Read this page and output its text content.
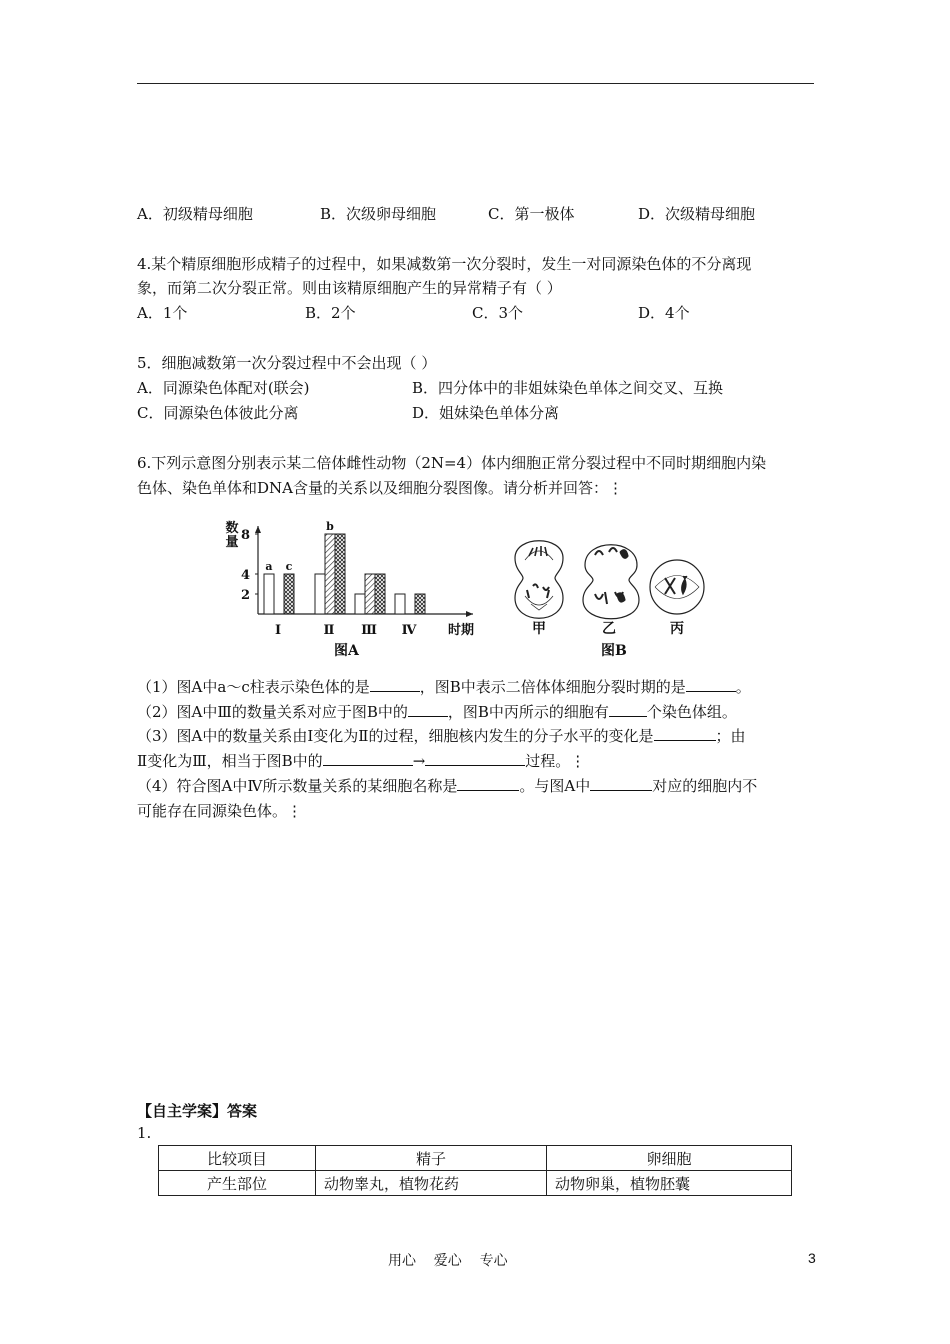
A．初级精母细胞	B．次级卵母细胞	C．第一极体	D．次级精母细胞
4.某个精原细胞形成精子的过程中，如果减数第一次分裂时，发生一对同源染色体的不分离现
象，而第二次分裂正常。则由该精原细胞产生的异常精子有（ ）
A．1个	B．2个	C．3个	D．4个
5．细胞减数第一次分裂过程中不会出现（ ）
A．同源染色体配对(联会)	B．四分体中的非姐妹染色单体之间交叉、互换
C．同源染色体彼此分离	D．姐妹染色单体分离
6.下列示意图分别表示某二倍体雌性动物（2N=4）体内细胞正常分裂过程中不同时期细胞内染
色体、染色单体和DNA含量的关系以及细胞分裂图像。请分析并回答：⋮
数
量
2
4
8
a c
Ⅰ
b
Ⅱ Ⅲ Ⅳ 时期
图A
甲	乙	丙
图B
（1）图A中a～c柱表示染色体的是	，图B中表示二倍体体细胞分裂时期的是	。
（2）图A中Ⅲ的数量关系对应于图B中的	，图B中丙所示的细胞有	个染色体组。
（3）图A中的数量关系由Ⅰ变化为Ⅱ的过程，细胞核内发生的分子水平的变化是	；由
Ⅱ变化为Ⅲ，相当于图B中的	→	过程。⋮
（4）符合图A中Ⅳ所示数量关系的某细胞名称是	。与图A中	对应的细胞内不
可能存在同源染色体。⋮
【自主学案】答案
1.
比较项目	精子	卵细胞
产生部位	动物睾丸，植物花药	动物卵巢，植物胚囊
用心    爱心    专心	3
